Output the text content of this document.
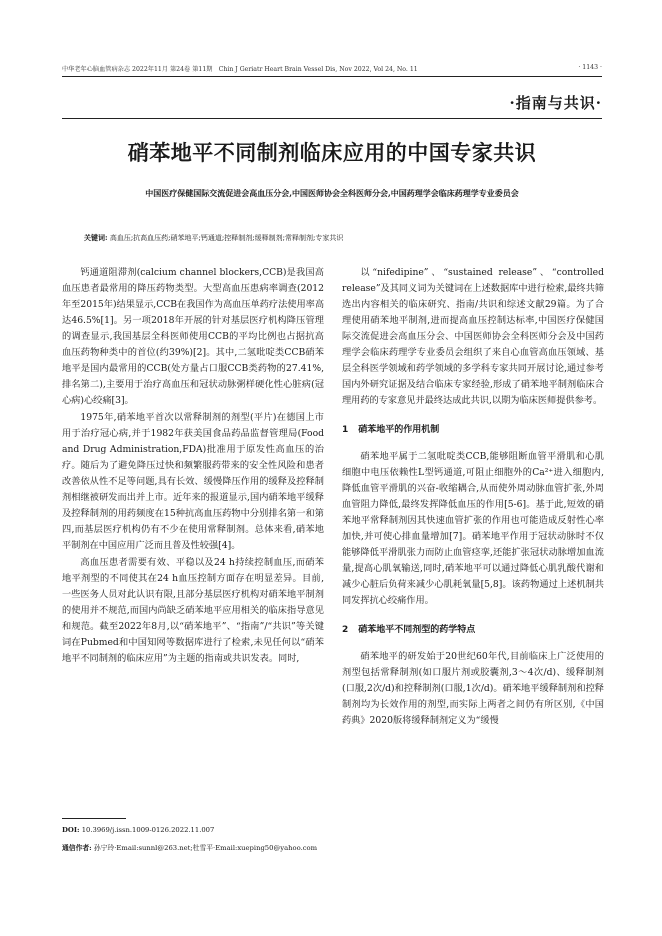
中华老年心脑血管病杂志 2022年11月 第24卷 第11期　Chin J Geriatr Heart Brain Vessel Dis, Nov 2022, Vol 24, No. 11	· 1143 ·
·指南与共识·
硝苯地平不同制剂临床应用的中国专家共识
中国医疗保健国际交流促进会高血压分会,中国医师协会全科医师分会,中国药理学会临床药理学专业委员会
关键词: 高血压;抗高血压药;硝苯地平;钙通道;控释制剂;缓释制剂;常释制剂;专家共识

钙通道阻滞剂(calcium channel blockers,CCB)是我国高血压患者最常用的降压药物类型。大型高血压患病率调查(2012年至2015年)结果显示,CCB在我国作为高血压单药疗法使用率高达46.5%[1]。另一项2018年开展的针对基层医疗机构降压管理的调查显示,我国基层全科医师使用CCB的平均比例也占据抗高血压药物种类中的首位(约39%)[2]。其中,二氢吡啶类CCB硝苯地平是国内最常用的CCB(处方量占口服CCB类药物的27.41%,排名第二),主要用于治疗高血压和冠状动脉粥样硬化性心脏病(冠心病)心绞痛[3]。

1975年,硝苯地平首次以常释制剂的剂型(平片)在德国上市用于治疗冠心病,并于1982年获美国食品药品监督管理局(Food and Drug Administration,FDA)批准用于原发性高血压的治疗。随后为了避免降压过快和频繁服药带来的安全性风险和患者改善依从性不足等问题,具有长效、缓慢降压作用的缓释及控释制剂相继被研发而出并上市。近年来的报道显示,国内硝苯地平缓释及控释制剂的用药频度在15种抗高血压药物中分别排名第一和第四,而基层医疗机构仍有不少在使用常释制剂。总体来看,硝苯地平制剂在中国应用广泛而且普及性较强[4]。

高血压患者需要有效、平稳以及24 h持续控制血压,而硝苯地平剂型的不同使其在24 h血压控制方面存在明显差异。目前,一些医务人员对此认识有限,且部分基层医疗机构对硝苯地平制剂的使用并不规范,而国内尚缺乏硝苯地平应用相关的临床指导意见和规范。截至2022年8月,以“硝苯地平”、“指南”/“共识”等关键词在Pubmed和中国知网等数据库进行了检索,未见任何以“硝苯地平不同制剂的临床应用”为主题的指南或共识发表。同时,

以“nifedipine”、“sustained release”、“controlled release”及其同义词为关键词在上述数据库中进行检索,最终共筛选出内容相关的临床研究、指南/共识和综述文献29篇。为了合理使用硝苯地平制剂,进而提高血压控制达标率,中国医疗保健国际交流促进会高血压分会、中国医师协会全科医师分会及中国药理学会临床药理学专业委员会组织了来自心血管高血压领域、基层全科医学领域和药学领域的多学科专家共同开展讨论,通过参考国内外研究证据及结合临床专家经验,形成了硝苯地平制剂临床合理用药的专家意见并最终达成此共识,以期为临床医师提供参考。

1 硝苯地平的作用机制

硝苯地平属于二氢吡啶类CCB,能够阻断血管平滑肌和心肌细胞中电压依赖性L型钙通道,可阻止细胞外的Ca²⁺进入细胞内,降低血管平滑肌的兴奋-收缩耦合,从而使外周动脉血管扩张,外周血管阻力降低,最终发挥降低血压的作用[5-6]。基于此,短效的硝苯地平常释制剂因其快速血管扩张的作用也可能造成反射性心率加快,并可使心排血量增加[7]。硝苯地平作用于冠状动脉时不仅能够降低平滑肌张力而防止血管痉挛,还能扩张冠状动脉增加血流量,提高心肌氧输送,同时,硝苯地平可以通过降低心肌乳酸代谢和减少心脏后负荷来减少心肌耗氧量[5,8]。该药物通过上述机制共同发挥抗心绞痛作用。

2 硝苯地平不同剂型的药学特点

硝苯地平的研发始于20世纪60年代,目前临床上广泛使用的剂型包括常释制剂(如口服片剂或胶囊剂,3～4次/d)、缓释制剂(口服,2次/d)和控释制剂(口服,1次/d)。硝苯地平缓释制剂和控释制剂均为长效作用的剂型,而实际上两者之间仍有所区别,《中国药典》2020版将缓释制剂定义为“缓慢

DOI: 10.3969/j.issn.1009-0126.2022.11.007
通信作者: 孙宁玲·Email:sunnl@263.net;杜雪平·Email:xueping50@yahoo.com
